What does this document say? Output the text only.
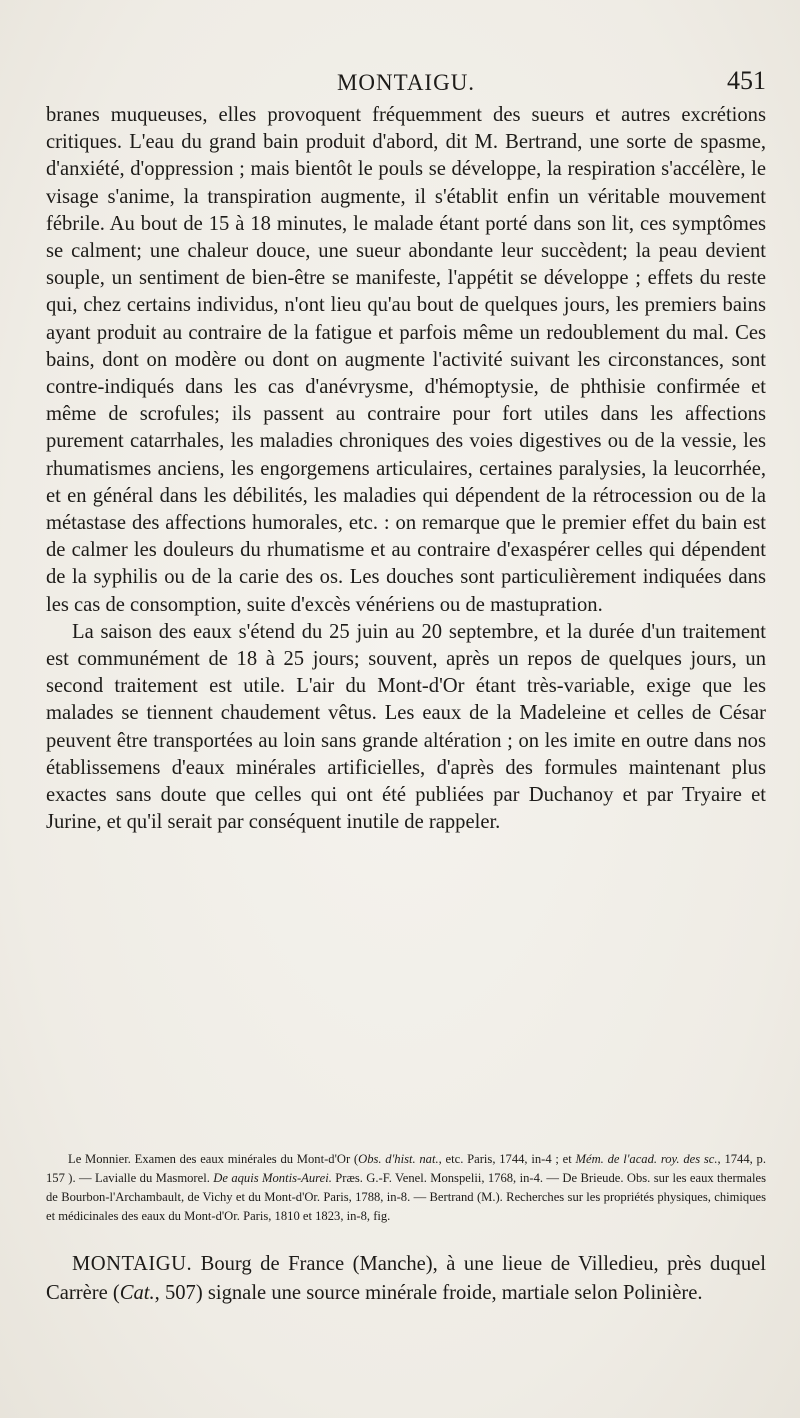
MONTAIGU.	451

branes muqueuses, elles provoquent fréquemment des sueurs et autres excrétions critiques. L'eau du grand bain produit d'abord, dit M. Bertrand, une sorte de spasme, d'anxiété, d'oppression ; mais bientôt le pouls se développe, la respiration s'accélère, le visage s'anime, la transpiration augmente, il s'établit enfin un véritable mouvement fébrile. Au bout de 15 à 18 minutes, le malade étant porté dans son lit, ces symptômes se calment; une chaleur douce, une sueur abondante leur succèdent; la peau devient souple, un sentiment de bien-être se manifeste, l'appétit se développe ; effets du reste qui, chez certains individus, n'ont lieu qu'au bout de quelques jours, les premiers bains ayant produit au contraire de la fatigue et parfois même un redoublement du mal. Ces bains, dont on modère ou dont on augmente l'activité suivant les circonstances, sont contre-indiqués dans les cas d'anévrysme, d'hémoptysie, de phthisie confirmée et même de scrofules; ils passent au contraire pour fort utiles dans les affections purement catarrhales, les maladies chroniques des voies digestives ou de la vessie, les rhumatismes anciens, les engorgemens articulaires, certaines paralysies, la leucorrhée, et en général dans les débilités, les maladies qui dépendent de la rétrocession ou de la métastase des affections humorales, etc. : on remarque que le premier effet du bain est de calmer les douleurs du rhumatisme et au contraire d'exaspérer celles qui dépendent de la syphilis ou de la carie des os. Les douches sont particulièrement indiquées dans les cas de consomption, suite d'excès vénériens ou de mastupration.

La saison des eaux s'étend du 25 juin au 20 septembre, et la durée d'un traitement est communément de 18 à 25 jours; souvent, après un repos de quelques jours, un second traitement est utile. L'air du Mont-d'Or étant très-variable, exige que les malades se tiennent chaudement vêtus. Les eaux de la Madeleine et celles de César peuvent être transportées au loin sans grande altération ; on les imite en outre dans nos établissemens d'eaux minérales artificielles, d'après des formules maintenant plus exactes sans doute que celles qui ont été publiées par Duchanoy et par Tryaire et Jurine, et qu'il serait par conséquent inutile de rappeler.

Le Monnier. Examen des eaux minérales du Mont-d'Or (Obs. d'hist. nat., etc. Paris, 1744, in-4 ; et Mém. de l'acad. roy. des sc., 1744, p. 157 ). — Lavialle du Masmorel. De aquis Montis-Aurei. Præs. G.-F. Venel. Monspelii, 1768, in-4. — De Brieude. Obs. sur les eaux thermales de Bourbon-l'Archambault, de Vichy et du Mont-d'Or. Paris, 1788, in-8. — Bertrand (M.). Recherches sur les propriétés physiques, chimiques et médicinales des eaux du Mont-d'Or. Paris, 1810 et 1823, in-8, fig.

MONTAIGU. Bourg de France (Manche), à une lieue de Villedieu, près duquel Carrère (Cat., 507) signale une source minérale froide, martiale selon Polinière.
